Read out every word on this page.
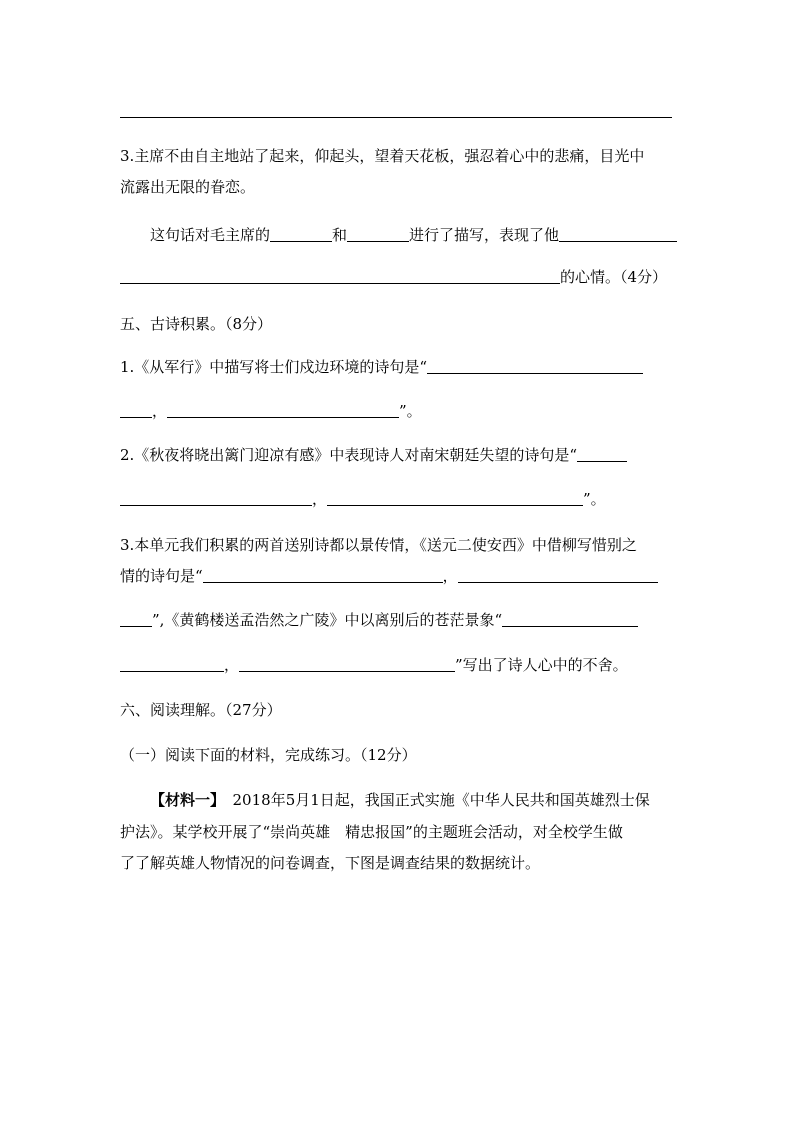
3.主席不由自主地站了起来，仰起头，望着天花板，强忍着心中的悲痛，目光中
流露出无限的眷恋。
这句话对毛主席的	和	进行了描写，表现了他
的心情。（4分）
五、古诗积累。（8分）
1.《从军行》中描写将士们戍边环境的诗句是“
，	”。
2.《秋夜将晓出篱门迎凉有感》中表现诗人对南宋朝廷失望的诗句是“
，	”。
3.本单元我们积累的两首送别诗都以景传情，《送元二使安西》中借柳写惜别之
情的诗句是“	，
”,《黄鹤楼送孟浩然之广陵》中以离别后的苍茫景象“
，	”写出了诗人心中的不舍。
六、阅读理解。（27分）
（一）阅读下面的材料，完成练习。（12分）
【材料一】　2018年5月1日起，我国正式实施《中华人民共和国英雄烈士保
护法》。某学校开展了“崇尚英雄　精忠报国”的主题班会活动，对全校学生做
了了解英雄人物情况的问卷调查，下图是调查结果的数据统计。
